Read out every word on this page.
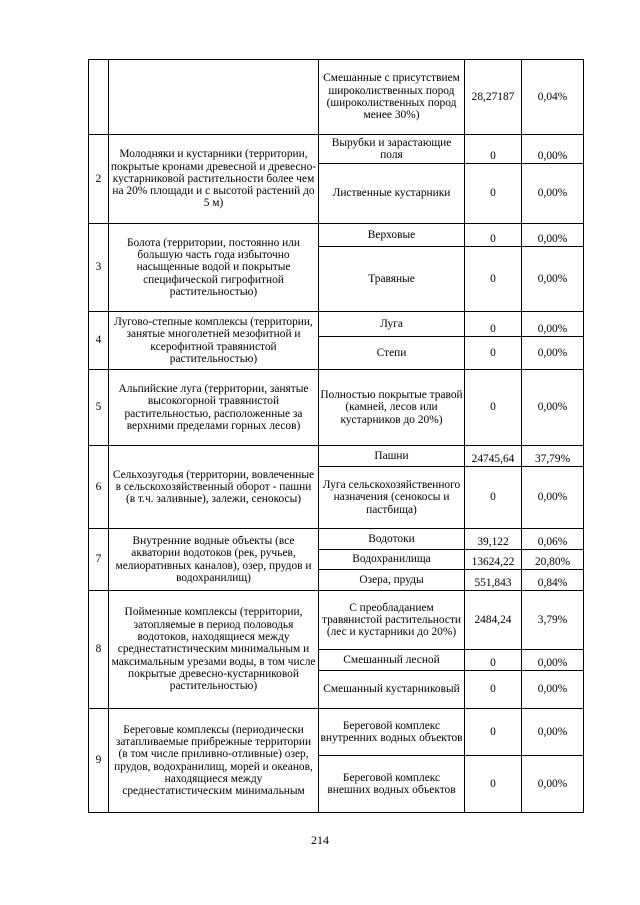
		Смешанные с присутствием широколиственных пород (широколиственных пород менее 30%)	28,27187	0,04%
2	Молодняки и кустарники (территории, покрытые кронами древесной и древесно-кустарниковой растительности более чем на 20% площади и с высотой растений до 5 м)	Вырубки и зарастающие поля	0	0,00%
		Лиственные кустарники	0	0,00%
3	Болота (территории, постоянно или большую часть года избыточно насыщенные водой и покрытые специфической гигрофитной растительностью)	Верховые	0	0,00%
		Травяные	0	0,00%
4	Лугово-степные комплексы (территории, занятые многолетней мезофитной и ксерофитной травянистой растительностью)	Луга	0	0,00%
		Степи	0	0,00%
5	Альпийские луга (территории, занятые высокогорной травянистой растительностью, расположенные за верхними пределами горных лесов)	Полностью покрытые травой (камней, лесов или кустарников до 20%)	0	0,00%
6	Сельхозугодья (территории, вовлеченные в сельскохозяйственный оборот - пашни (в т.ч. заливные), залежи, сенокосы)	Пашни	24745,64	37,79%
		Луга сельскохозяйственного назначения (сенокосы и пастбища)	0	0,00%
7	Внутренние водные объекты (все акватории водотоков (рек, ручьев, мелиоративных каналов), озер, прудов и водохранилищ)	Водотоки	39,122	0,06%
		Водохранилища	13624,22	20,80%
		Озера, пруды	551,843	0,84%
8	Пойменные комплексы (территории, затопляемые в период половодья водотоков, находящиеся между среднестатистическим минимальным и максимальным урезами воды, в том числе покрытые древесно-кустарниковой растительностью)	С преобладанием травянистой растительности (лес и кустарники до 20%)	2484,24	3,79%
		Смешанный лесной	0	0,00%
		Смешанный кустарниковый	0	0,00%
9	Береговые комплексы (периодически затапливаемые прибрежные территории (в том числе приливно-отливные) озер, прудов, водохранилищ, морей и океанов, находящиеся между среднестатистическим минимальным	Береговой комплекс внутренних водных объектов	0	0,00%
		Береговой комплекс внешних водных объектов	0	0,00%
214
